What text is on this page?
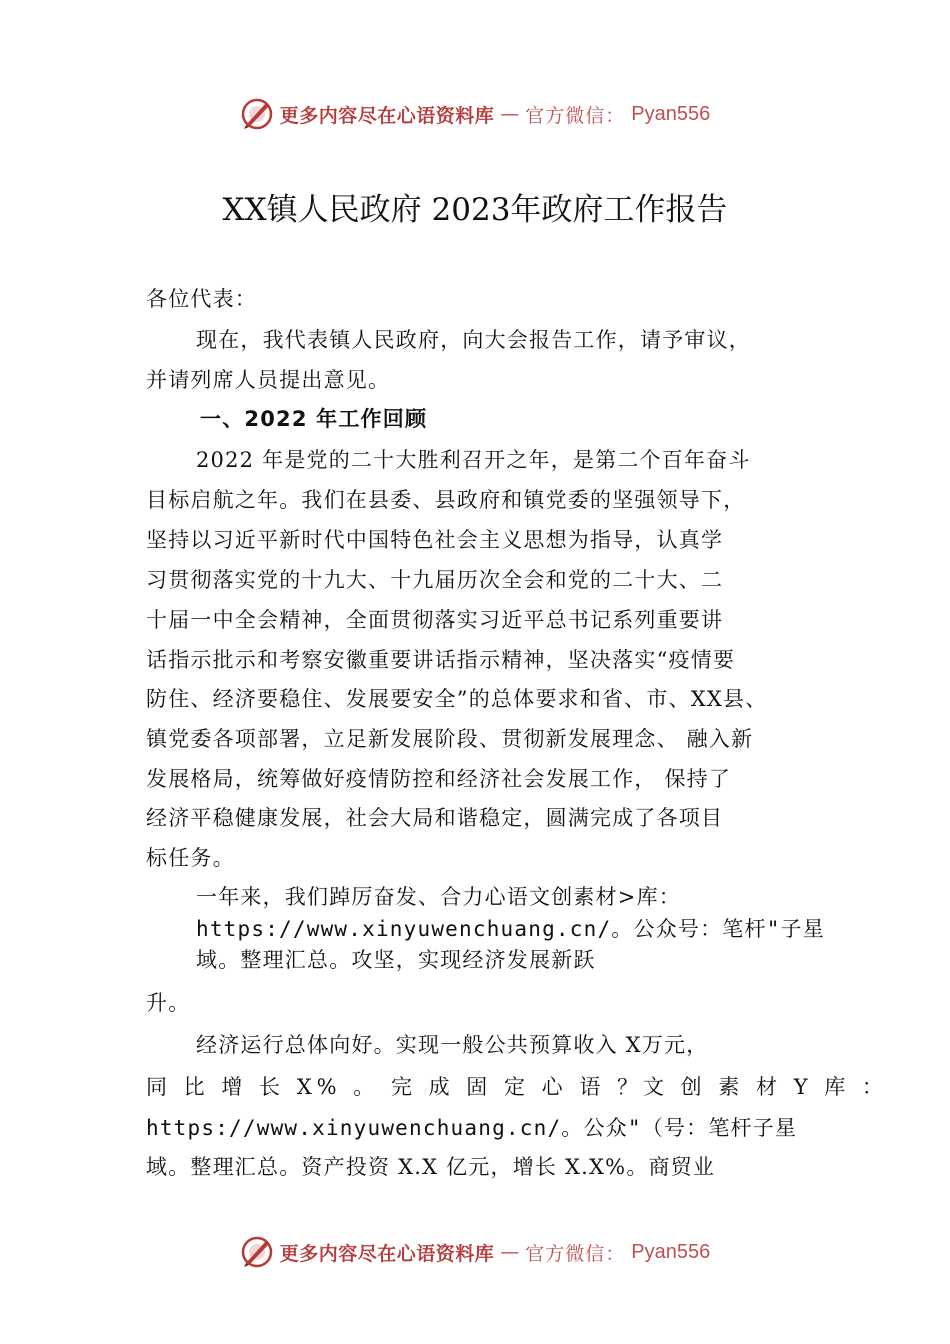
更多内容尽在心语资料库 — 官方微信： Pyan556
XX镇人民政府 2023年政府工作报告
各位代表：
现在，我代表镇人民政府，向大会报告工作，请予审议，
并请列席人员提出意见。
一、2022 年工作回顾
2022 年是党的二十大胜利召开之年，是第二个百年奋斗
目标启航之年。我们在县委、县政府和镇党委的坚强领导下，
坚持以习近平新时代中国特色社会主义思想为指导，认真学
习贯彻落实党的十九大、十九届历次全会和党的二十大、二
十届一中全会精神，全面贯彻落实习近平总书记系列重要讲
话指示批示和考察安徽重要讲话指示精神，坚决落实“疫情要
防住、经济要稳住、发展要安全”的总体要求和省、市、XX县、
镇党委各项部署，立足新发展阶段、贯彻新发展理念、 融入新
发展格局，统筹做好疫情防控和经济社会发展工作， 保持了
经济平稳健康发展，社会大局和谐稳定，圆满完成了各项目
标任务。
一年来，我们踔厉奋发、合力心语文创素材>库：
https://www.xinyuwenchuang.cn/。公众号：笔杆"子星
域。整理汇总。攻坚，实现经济发展新跃
升。
经济运行总体向好。实现一般公共预算收入 X万元，
同 比 增 长 X% 。 完 成 固 定 心 语 ？文 创 素 材 Y 库 ：
https://www.xinyuwenchuang.cn/。公众"（号：笔杆子星
域。整理汇总。资产投资 X.X 亿元，增长 X.X%。商贸业
更多内容尽在心语资料库 — 官方微信： Pyan556
